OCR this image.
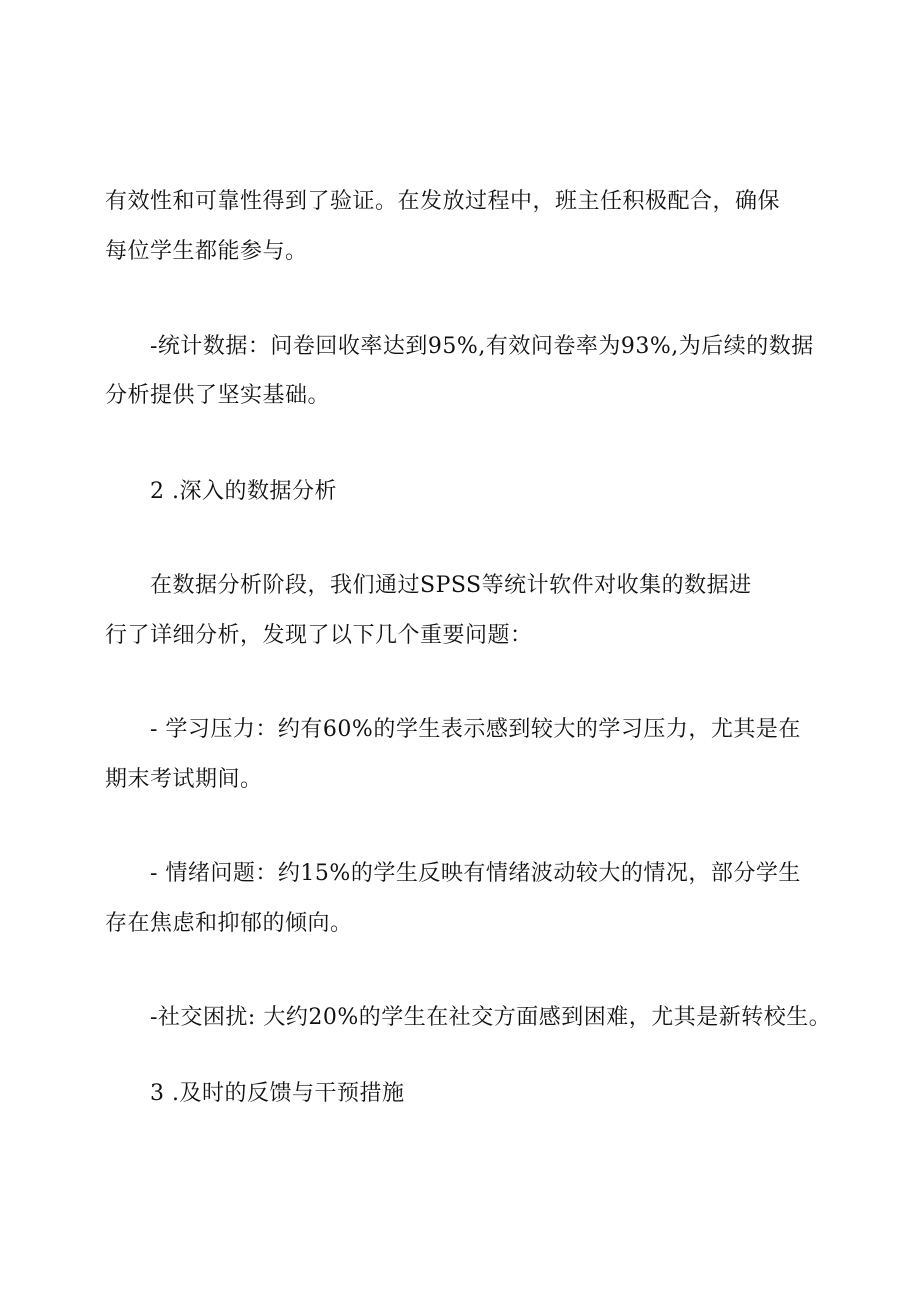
有效性和可靠性得到了验证。在发放过程中，班主任积极配合，确保
每位学生都能参与。
-统计数据：问卷回收率达到95%,有效问卷率为93%,为后续的数据
分析提供了坚实基础。
2 .深入的数据分析
在数据分析阶段，我们通过SPSS等统计软件对收集的数据进
行了详细分析，发现了以下几个重要问题：
- 学习压力：约有60%的学生表示感到较大的学习压力，尤其是在
期末考试期间。
- 情绪问题：约15%的学生反映有情绪波动较大的情况，部分学生
存在焦虑和抑郁的倾向。
-社交困扰: 大约20%的学生在社交方面感到困难，尤其是新转校生。
3 .及时的反馈与干预措施
